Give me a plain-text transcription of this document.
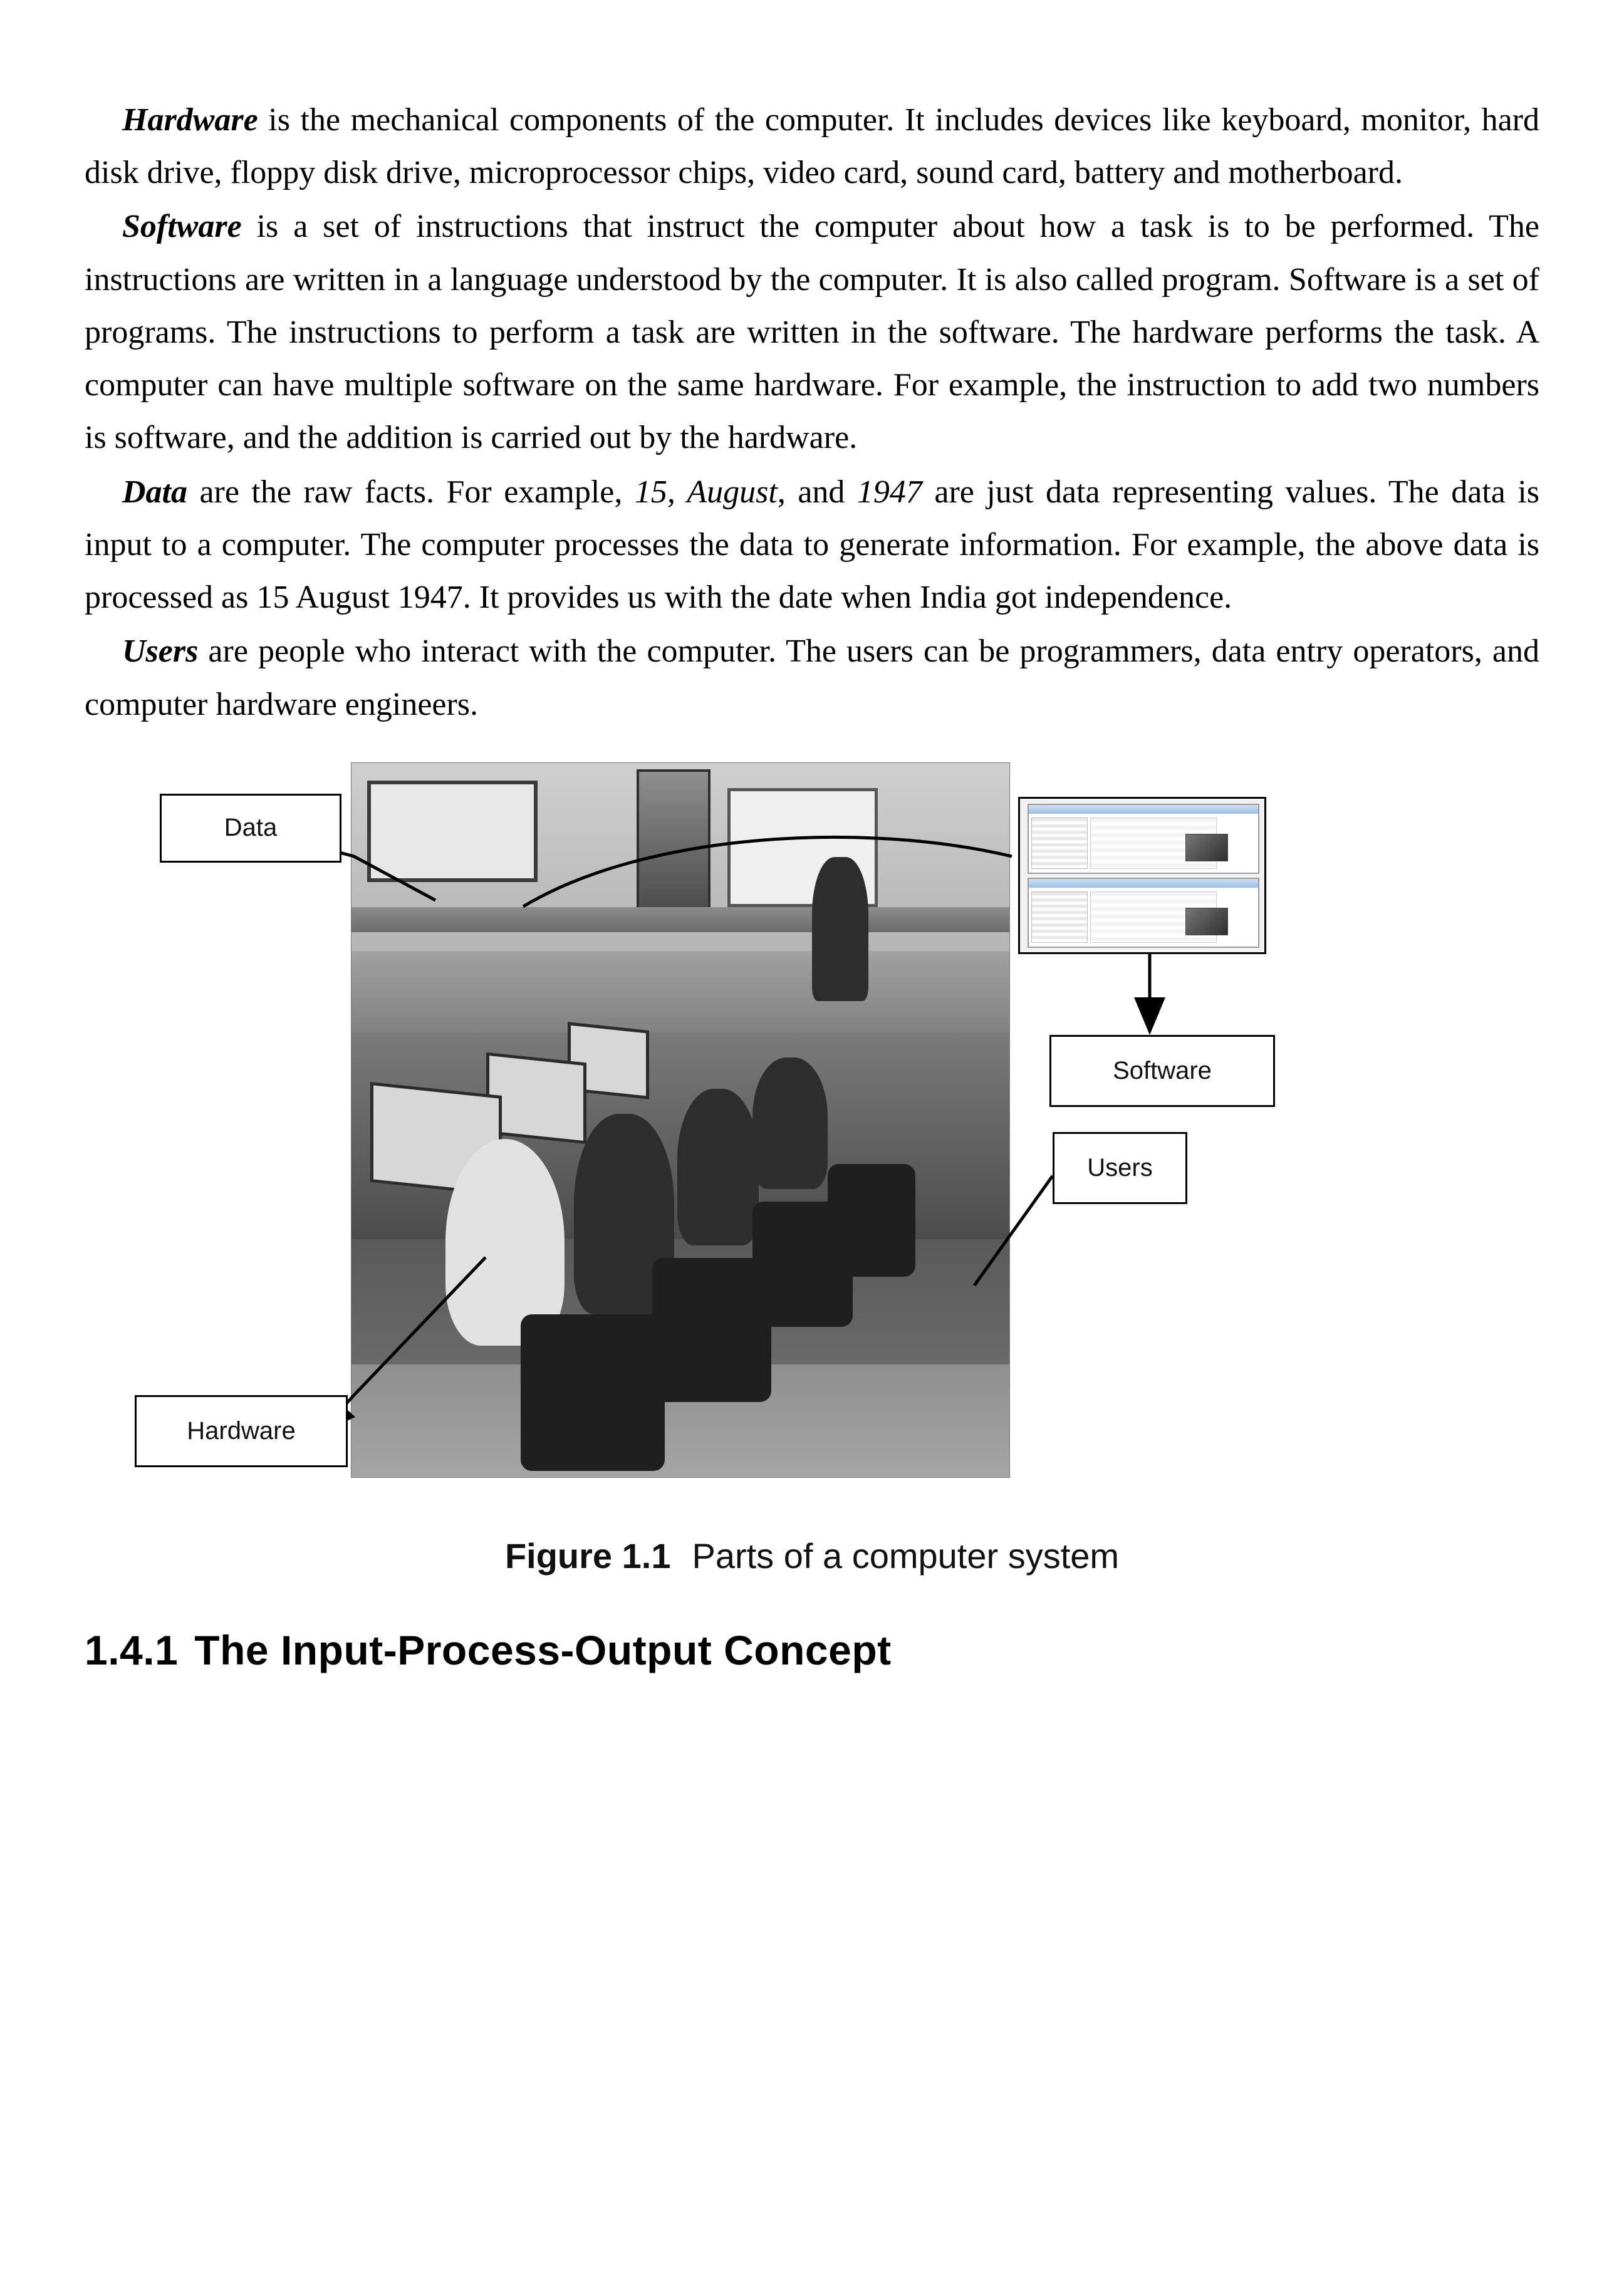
Hardware is the mechanical components of the computer. It includes devices like keyboard, monitor, hard disk drive, floppy disk drive, microprocessor chips, video card, sound card, battery and motherboard.

Software is a set of instructions that instruct the computer about how a task is to be performed. The instructions are written in a language understood by the computer. It is also called program. Software is a set of programs. The instructions to perform a task are written in the software. The hardware performs the task. A computer can have multiple software on the same hardware. For example, the instruction to add two numbers is software, and the addition is carried out by the hardware.

Data are the raw facts. For example, 15, August, and 1947 are just data representing values. The data is input to a computer. The computer processes the data to generate information. For example, the above data is processed as 15 August 1947. It provides us with the date when India got independence.

Users are people who interact with the computer. The users can be programmers, data entry operators, and computer hardware engineers.

Data
Hardware
Software
Users
Figure 1.1 Parts of a computer system
1.4.1 The Input-Process-Output Concept
